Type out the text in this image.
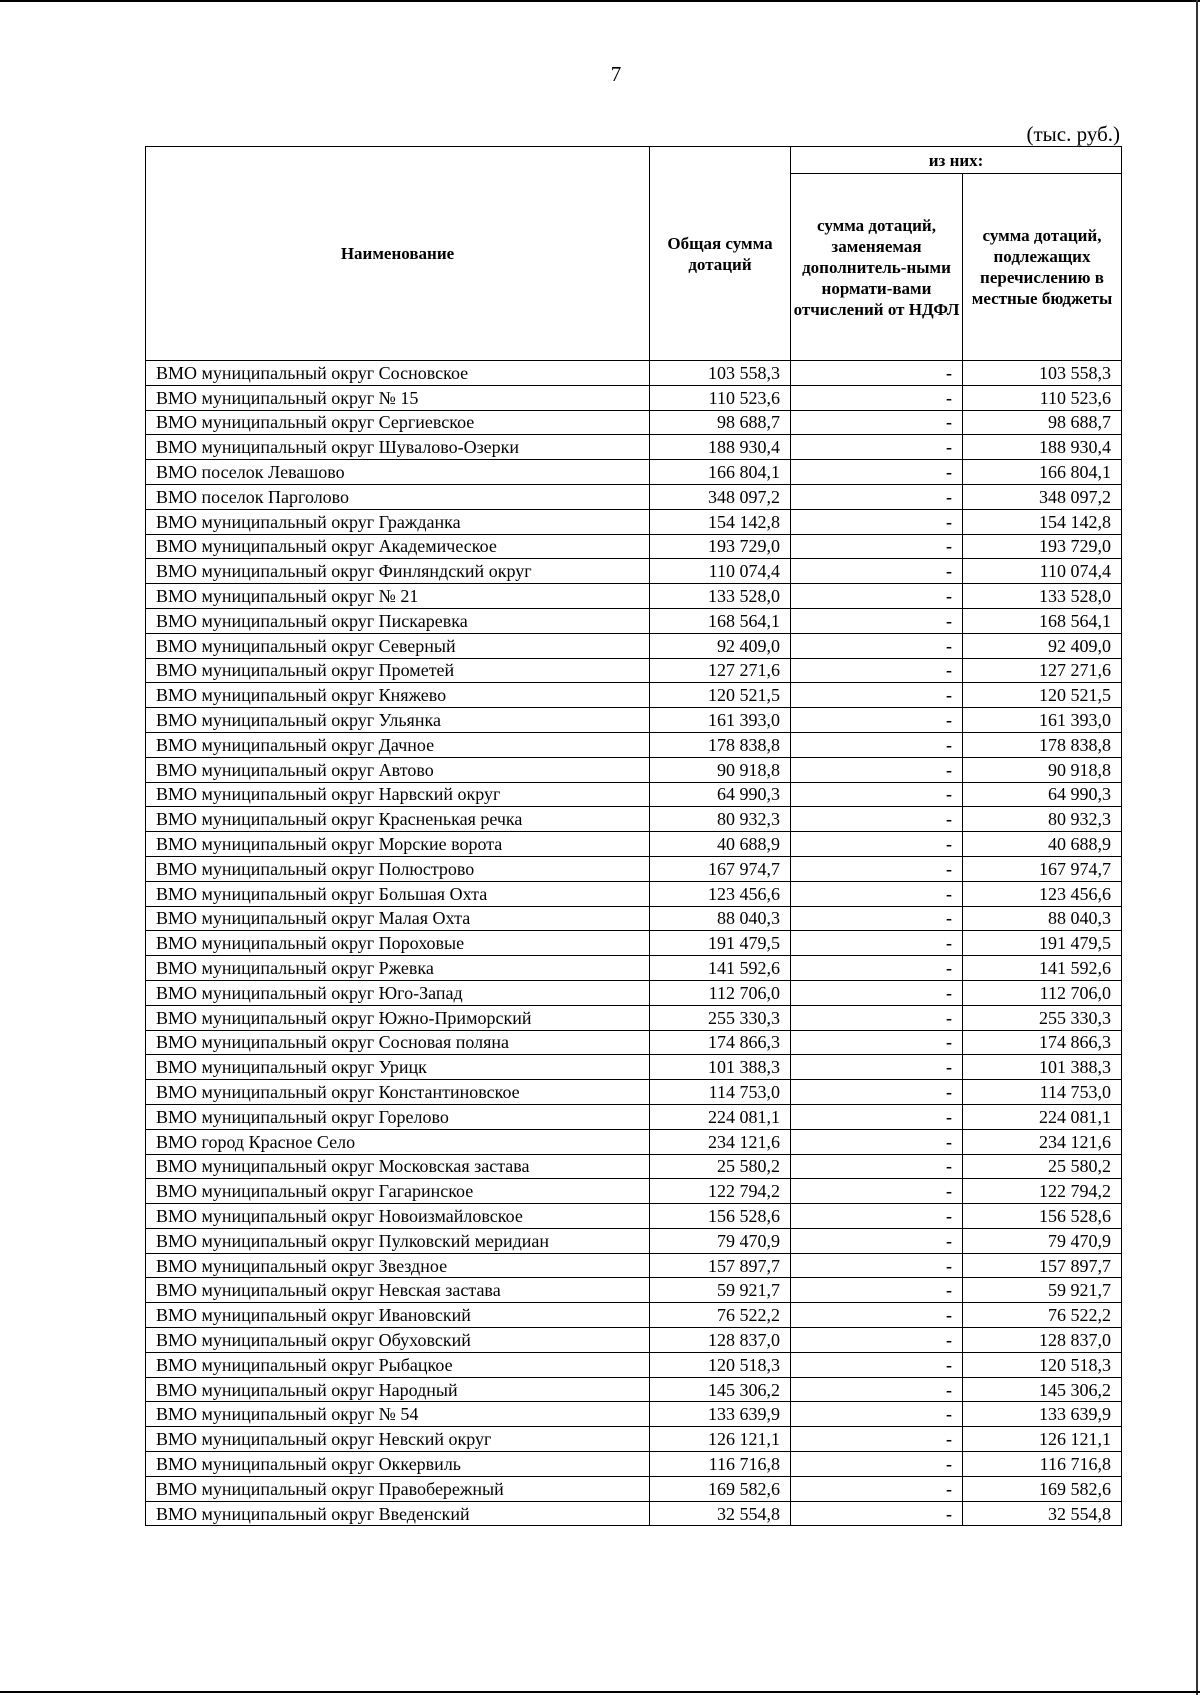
7
(тыс. руб.)
Наименование	Общая сумма дотаций	из них:	
		сумма дотаций, заменяемая дополнитель-ными нормати-вами отчислений от НДФЛ	сумма дотаций, подлежащих перечислению в местные бюджеты
ВМО муниципальный округ Сосновское	103 558,3	-	103 558,3
ВМО муниципальный округ № 15	110 523,6	-	110 523,6
ВМО муниципальный округ Сергиевское	98 688,7	-	98 688,7
ВМО муниципальный округ Шувалово-Озерки	188 930,4	-	188 930,4
ВМО поселок Левашово	166 804,1	-	166 804,1
ВМО поселок Парголово	348 097,2	-	348 097,2
ВМО муниципальный округ Гражданка	154 142,8	-	154 142,8
ВМО муниципальный округ Академическое	193 729,0	-	193 729,0
ВМО муниципальный округ Финляндский округ	110 074,4	-	110 074,4
ВМО муниципальный округ № 21	133 528,0	-	133 528,0
ВМО муниципальный округ Пискаревка	168 564,1	-	168 564,1
ВМО муниципальный округ Северный	92 409,0	-	92 409,0
ВМО муниципальный округ Прометей	127 271,6	-	127 271,6
ВМО муниципальный округ Княжево	120 521,5	-	120 521,5
ВМО муниципальный округ Ульянка	161 393,0	-	161 393,0
ВМО муниципальный округ Дачное	178 838,8	-	178 838,8
ВМО муниципальный округ Автово	90 918,8	-	90 918,8
ВМО муниципальный округ Нарвский округ	64 990,3	-	64 990,3
ВМО муниципальный округ Красненькая речка	80 932,3	-	80 932,3
ВМО муниципальный округ Морские ворота	40 688,9	-	40 688,9
ВМО муниципальный округ Полюстрово	167 974,7	-	167 974,7
ВМО муниципальный округ Большая Охта	123 456,6	-	123 456,6
ВМО муниципальный округ Малая Охта	88 040,3	-	88 040,3
ВМО муниципальный округ Пороховые	191 479,5	-	191 479,5
ВМО муниципальный округ Ржевка	141 592,6	-	141 592,6
ВМО муниципальный округ Юго-Запад	112 706,0	-	112 706,0
ВМО муниципальный округ Южно-Приморский	255 330,3	-	255 330,3
ВМО муниципальный округ Сосновая поляна	174 866,3	-	174 866,3
ВМО муниципальный округ Урицк	101 388,3	-	101 388,3
ВМО муниципальный округ Константиновское	114 753,0	-	114 753,0
ВМО муниципальный округ Горелово	224 081,1	-	224 081,1
ВМО город Красное Село	234 121,6	-	234 121,6
ВМО муниципальный округ Московская застава	25 580,2	-	25 580,2
ВМО муниципальный округ Гагаринское	122 794,2	-	122 794,2
ВМО муниципальный округ Новоизмайловское	156 528,6	-	156 528,6
ВМО муниципальный округ Пулковский меридиан	79 470,9	-	79 470,9
ВМО муниципальный округ Звездное	157 897,7	-	157 897,7
ВМО муниципальный округ Невская застава	59 921,7	-	59 921,7
ВМО муниципальный округ Ивановский	76 522,2	-	76 522,2
ВМО муниципальный округ Обуховский	128 837,0	-	128 837,0
ВМО муниципальный округ Рыбацкое	120 518,3	-	120 518,3
ВМО муниципальный округ Народный	145 306,2	-	145 306,2
ВМО муниципальный округ № 54	133 639,9	-	133 639,9
ВМО муниципальный округ Невский округ	126 121,1	-	126 121,1
ВМО муниципальный округ Оккервиль	116 716,8	-	116 716,8
ВМО муниципальный округ Правобережный	169 582,6	-	169 582,6
ВМО муниципальный округ Введенский	32 554,8	-	32 554,8
